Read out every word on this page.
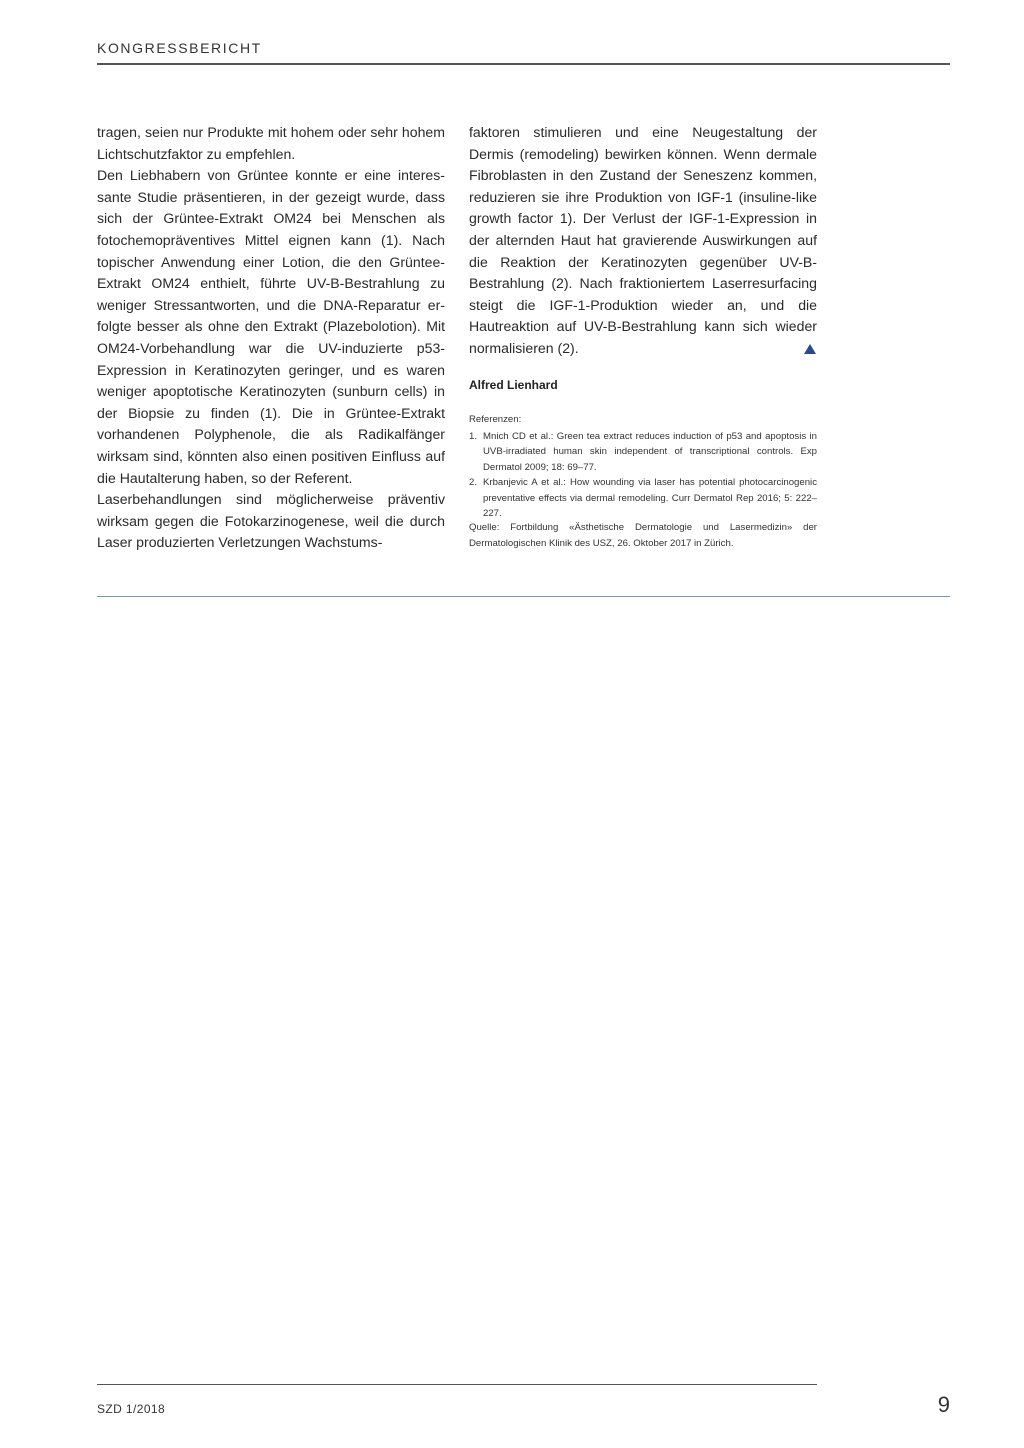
KONGRESSBERICHT

tragen, seien nur Produkte mit hohem oder sehr hohem Lichtschutzfaktor zu empfehlen.

Den Liebhabern von Grüntee konnte er eine interessante Studie präsentieren, in der gezeigt wurde, dass sich der Grüntee-Extrakt OM24 bei Menschen als fotochemopräventives Mittel eignen kann (1). Nach topischer Anwendung einer Lotion, die den Grüntee-Extrakt OM24 enthielt, führte UV-B-Bestrahlung zu weniger Stressantworten, und die DNA-Reparatur erfolgte besser als ohne den Extrakt (Plazebolotion). Mit OM24-Vorbehandlung war die UV-induzierte p53-Expression in Keratinozyten geringer, und es waren weniger apoptotische Keratinozyten (sunburn cells) in der Biopsie zu finden (1). Die in Grüntee-Extrakt vorhandenen Polyphenole, die als Radikalfänger wirksam sind, könnten also einen positiven Einfluss auf die Hautalterung haben, so der Referent.

Laserbehandlungen sind möglicherweise präventiv wirksam gegen die Fotokarzinogenese, weil die durch Laser produzierten Verletzungen Wachstums-

faktoren stimulieren und eine Neugestaltung der Dermis (remodeling) bewirken können. Wenn dermale Fibroblasten in den Zustand der Seneszenz kommen, reduzieren sie ihre Produktion von IGF-1 (insuline-like growth factor 1). Der Verlust der IGF-1-Expression in der alternden Haut hat gravierende Auswirkungen auf die Reaktion der Keratinozyten gegenüber UV-B-Bestrahlung (2). Nach fraktioniertem Laserresurfacing steigt die IGF-1-Produktion wieder an, und die Hautreaktion auf UV-B-Bestrahlung kann sich wieder normalisieren (2).

Alfred Lienhard
Referenzen:
1. Mnich CD et al.: Green tea extract reduces induction of p53 and apoptosis in UVB-irradiated human skin independent of transcriptional controls. Exp Dermatol 2009; 18: 69–77.
2. Krbanjevic A et al.: How wounding via laser has potential photocarcinogenic preventative effects via dermal remodeling. Curr Dermatol Rep 2016; 5: 222–227.
Quelle: Fortbildung «Ästhetische Dermatologie und Lasermedizin» der Dermatologischen Klinik des USZ, 26. Oktober 2017 in Zürich.
SZD 1/2018	9
